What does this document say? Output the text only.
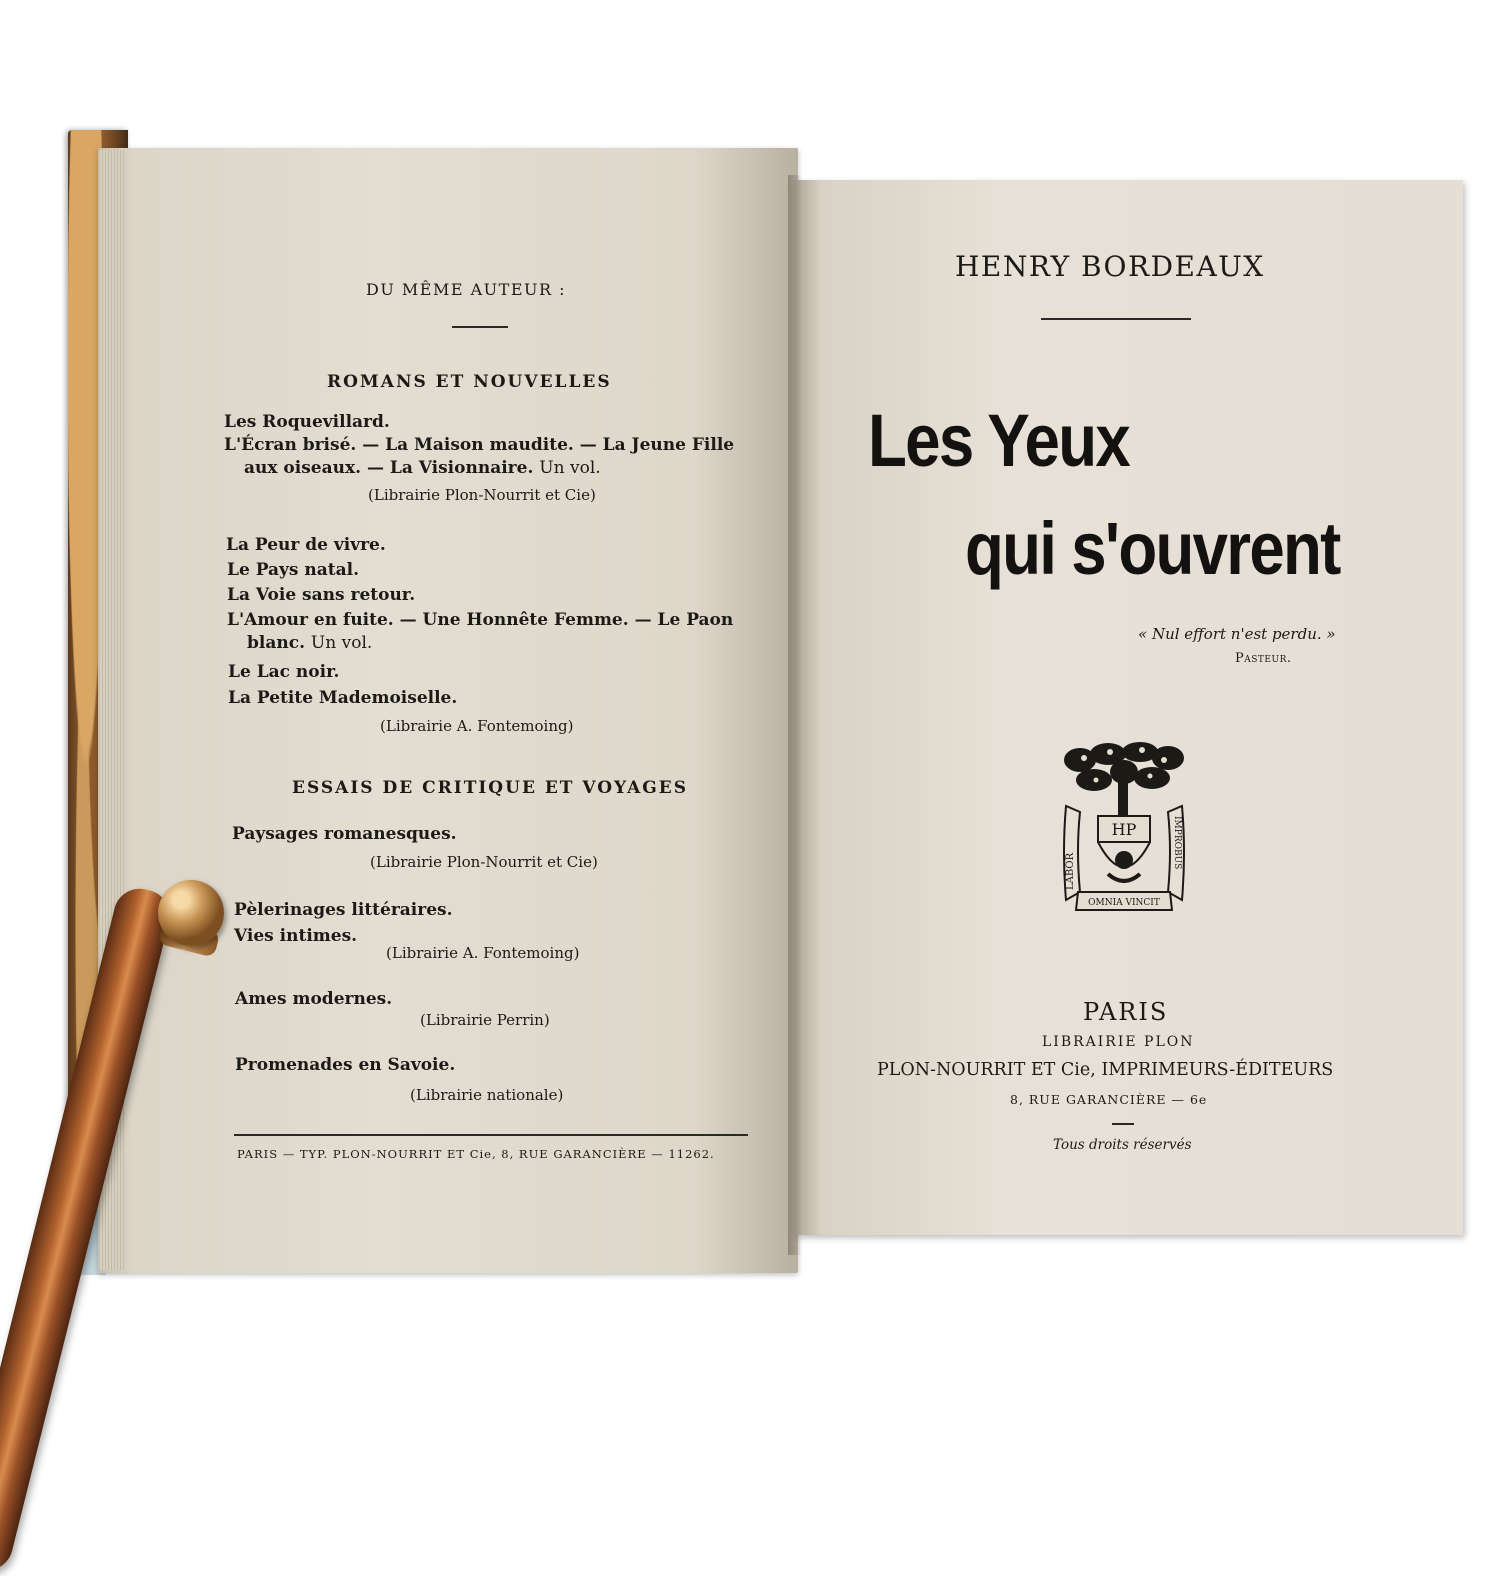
DU MÊME AUTEUR :
ROMANS ET NOUVELLES
Les Roquevillard.
L'Écran brisé. — La Maison maudite. — La Jeune Fille
aux oiseaux. — La Visionnaire. Un vol.
(Librairie Plon-Nourrit et Cie)
La Peur de vivre.
Le Pays natal.
La Voie sans retour.
L'Amour en fuite. — Une Honnête Femme. — Le Paon
blanc. Un vol.
Le Lac noir.
La Petite Mademoiselle.
(Librairie A. Fontemoing)
ESSAIS DE CRITIQUE ET VOYAGES
Paysages romanesques.
(Librairie Plon-Nourrit et Cie)
Pèlerinages littéraires.
Vies intimes.
(Librairie A. Fontemoing)
Ames modernes.
(Librairie Perrin)
Promenades en Savoie.
(Librairie nationale)
PARIS — TYP. PLON-NOURRIT ET Cie, 8, RUE GARANCIÈRE — 11262.
HENRY BORDEAUX
Les Yeux
qui s'ouvrent
« Nul effort n'est perdu. »
Pasteur.
HP
LABOR
IMPROBUS
OMNIA VINCIT
PARIS
LIBRAIRIE PLON
PLON-NOURRIT ET Cie, IMPRIMEURS-ÉDITEURS
8, RUE GARANCIÈRE — 6e
Tous droits réservés
